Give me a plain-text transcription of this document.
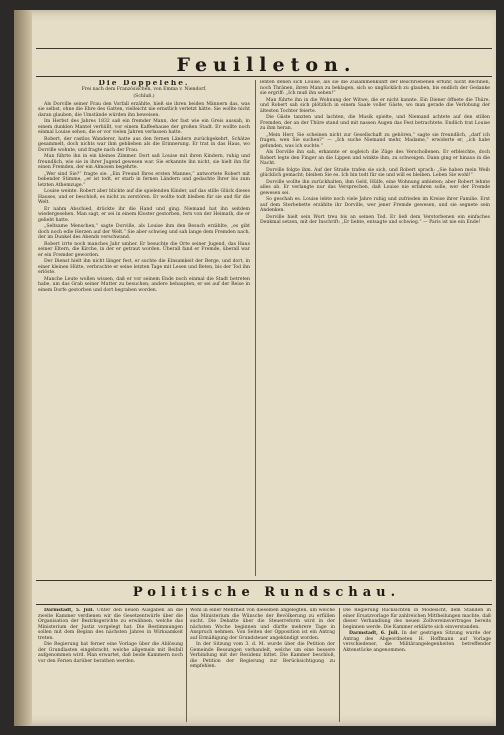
Feuilleton.
Die Doppelehe.
Frei nach dem Französischen, von Emma v. Niendorf.
(Schluß.)

Als Dorville seiner Frau den Vorfall erzählte, hieß sie ihren beiden Männern das, was sie selbst, ohne die Ehre des Gatten, vielleicht nie ernstlich verletzt hätte. Sie wollte nicht daran glauben, die Umstände würden ihn beweisen.

Im Herbst des Jahres 1832 saß ein fremder Mann, der fast wie ein Greis aussah, in einem dunklen Mantel verhüllt, vor einem Kaffeehause der großen Stadt. Er wollte noch einmal Louise sehen, die er vor vielen Jahren verlassen hatte.

Robert, der rastlos Wanderer, hatte aus den fernen Ländern zurückgekehrt, Schätze gesammelt, doch nichts war ihm geblieben als die Erinnerung. Er trat in das Haus, wo Dorville wohnte, und fragte nach der Frau.

Man führte ihn in ein kleines Zimmer. Dort saß Louise mit ihren Kindern, ruhig und freundlich, wie sie in ihrer Jugend gewesen war. Sie erkannte ihn nicht, sie hielt ihn für einen Fremden, der ein Almosen begehrte.

„Wer sind Sie?“ fragte sie. „Ein Freund Ihres ersten Mannes,“ antwortete Robert mit bebender Stimme, „er ist todt, er starb in fernen Ländern und gedachte Ihrer bis zum letzten Athemzuge.“

Louise weinte. Robert aber blickte auf die spielenden Kinder, auf das stille Glück dieses Hauses, und er beschloß, es nicht zu zerstören. Er wollte todt bleiben für sie und für die Welt.

Er nahm Abschied, drückte ihr die Hand und ging. Niemand hat ihn seitdem wiedergesehen. Man sagt, er sei in einem Kloster gestorben, fern von der Heimath, die er geliebt hatte.

„Seltsame Menschen,“ sagte Dorville, als Louise ihm den Besuch erzählte, „es gibt doch noch edle Herzen auf der Welt.“ Sie aber schwieg und sah lange dem Fremden nach, der im Dunkel des Abends verschwand.

Robert irrte noch manches Jahr umher. Er besuchte die Orte seiner Jugend, das Haus seiner Eltern, die Kirche, in der er getraut worden. Überall fand er Fremde, überall war er ein Fremder geworden.

Der Dienst hielt ihn nicht länger fest, er suchte die Einsamkeit der Berge, und dort, in einer kleinen Hütte, verbrachte er seine letzten Tage mit Lesen und Beten, bis der Tod ihn erlöste.

Manche Leute wollen wissen, daß er vor seinem Ende noch einmal die Stadt betreten habe, um das Grab seiner Mutter zu besuchen; andere behaupten, er sei auf der Reise in einem Dorfe gestorben und dort begraben worden.

lenten denen sich Louise, als sie die Zusammenkunft der Beschriebenen erfuhr, nicht Rechnen, noch Thränen, ihren Mann zu beklagen, sich so unglücklich zu glauben, bis endlich der Gedanke sie ergriff: „Ich muß ihn sehen!“

Man führte ihn in die Wohnung der Witwe, die er nicht kannte. Ein Diener öffnete die Thüre, und Robert sah sich plötzlich in einem Saale voller Gäste, wo man gerade die Verlobung der ältesten Tochter feierte.

Die Gäste tanzten und lachten, die Musik spielte, und Niemand achtete auf den stillen Fremden, der an der Thüre stand und mit nassen Augen das Fest betrachtete. Endlich trat Louise zu ihm heran.

„Mein Herr, Sie scheinen nicht zur Gesellschaft zu gehören,“ sagte sie freundlich, „darf ich fragen, wen Sie suchen?“ — „Ich suche Niemand mehr, Madame,“ erwiderte er, „ich habe gefunden, was ich suchte.“

Als Dorville ihn sah, erkannte er sogleich die Züge des Verschollenen. Er erbleichte, doch Robert legte den Finger an die Lippen und winkte ihm, zu schweigen. Dann ging er hinaus in die Nacht.

Dorville folgte ihm. Auf der Straße trafen sie sich, und Robert sprach: „Sie haben mein Weib glücklich gemacht; bleiben Sie es. Ich bin todt für sie und will es bleiben. Leben Sie wohl!“

Dorville wollte ihn zurückhalten, ihm Geld, Hülfe, eine Wohnung anbieten; aber Robert lehnte alles ab. Er verlangte nur das Versprechen, daß Louise nie erfahren solle, wer der Fremde gewesen sei.

So geschah es. Louise lebte noch viele Jahre ruhig und zufrieden im Kreise ihrer Familie. Erst auf dem Sterbebette erzählte ihr Dorville, wer jener Fremde gewesen, und sie segnete sein Andenken.

Dorville hielt sein Wort treu bis an seinen Tod. Er ließ dem Verstorbenen ein einfaches Denkmal setzen, mit der Inschrift: „Er liebte, entsagte und schwieg.“ — Paris ist nie ein Ende!

Politische Rundschau.

Darmstadt, 5. Juli. Unter den neuen Ausgaben an die zweite Kammer verdienen wir die Gesetzentwürfe über die Organisation der Bezirksgerichte zu erwähnen, welche das Ministerium der Justiz vorgelegt hat. Die Bestimmungen sollen mit dem Beginn des nächsten Jahres in Wirksamkeit treten.

Die Regierung hat ferner eine Vorlage über die Ablösung der Grundlasten eingebracht, welche allgemein mit Beifall aufgenommen wird. Man erwartet, daß beide Kammern noch vor den Ferien darüber berathen werden.

Wohl in einer Mehrheit von dieselben angelegten, um welche das Ministerium die Wünsche der Bevölkerung zu erfüllen sucht. Die Debatte über die Steuerreform wird in der nächsten Woche beginnen und dürfte mehrere Tage in Anspruch nehmen. Von Seiten der Opposition ist ein Antrag auf Ermäßigung der Grundsteuer angekündigt worden.

In der Sitzung vom 3. d. M. wurde über die Petition der Gemeinde Bessungen verhandelt, welche um eine bessere Verbindung mit der Residenz bittet. Die Kammer beschloß, die Petition der Regierung zur Berücksichtigung zu empfehlen.

Die Regierung Rücksichten in Modesicht, dem Ständen in einer Ersatzvorlage für zahlreichen Mittheilungen machte, daß dieser Verhandlung des neuen Zollvereinsvertrages bereits beginnen werde. Die Kammer erklärte sich einverstanden.

Darmstadt, 6. Juli. In der gestrigen Sitzung wurde der Antrag des Abgeordneten H. Hoffmann auf Vorlage verschiedener, die Militärangelegenheiten betreffender Aktenstücke angenommen.
